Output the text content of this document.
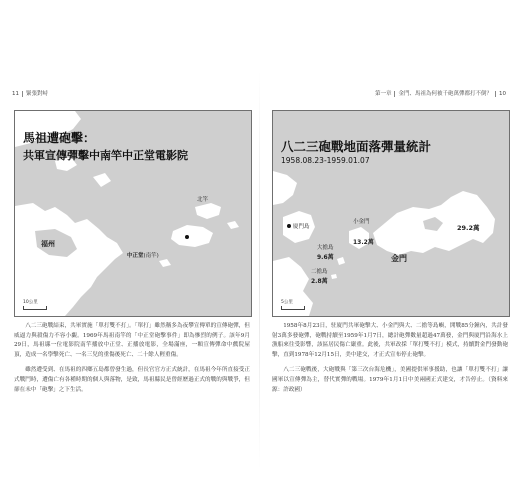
11 緊張對峙
馬祖遭砲擊：
共軍宣傳彈擊中南竿中正堂電影院
福州
北竿
中正堂(南竿)
10公里

八二三砲戰結束，共軍實施「單打雙不打」。「單打」雖然稱多為夜攀宣傳單的宣傳砲彈，但威逼力與殺傷力不容小覷。1969年馬祖南竿的「中正堂砲擊事件」即為慘烈的例子。該年9月29日，馬祖縣一位電影院南竿播放中正堂、正播放電影，全場滿座，一顆宣傳彈命中戲院屋頂，造成一名學擊死亡、一名三兒的重傷後死亡、二十餘人輕重傷。

雖然遭受到、在馬祖的四鄉五島都曾發生過，但長官官方正式統計，在馬祖今年所直接受正式戰鬥時，遭傷亡有各種時期的個人與落物，是致，馬祖縣民是曾經歷過正式的戰的與戰爭，但卻在未中「砲擊」之下生活。

第一章 金門、馬祖為何被千砲萬彈都打不倒？ 10
八二三砲戰地面落彈量統計
1958.08.23-1959.01.07
廈門島
小金門
13.2萬
大擔島
9.6萬
二擔島
2.8萬
金門
29.2萬
5公里

1958年8月23日，驻廈門共軍砲擊大、小金門與大、二擔等島嶼，開戰85分鐘內，共計發射3萬多發砲彈，砲戰持續至1959年1月7日，總計砲彈數量超過47萬發，金門與廈門沿海水上漁船來往受影響，該區居民傷亡嚴重。此後，共軍改採「單打雙不打」模式，持續對金門發動砲擊，直到1978年12月15日，美中建交，才正式宣布停止砲擊。

八二三砲戰後，大砲戰與「第三次台海危機」，美國提供軍事援助，也讓「單打雙不打」讓國軍以宣傳彈為主，替代實彈的戰場。1979年1月1日中美兩國正式建交，才告停止。（資料來源：許政國）
